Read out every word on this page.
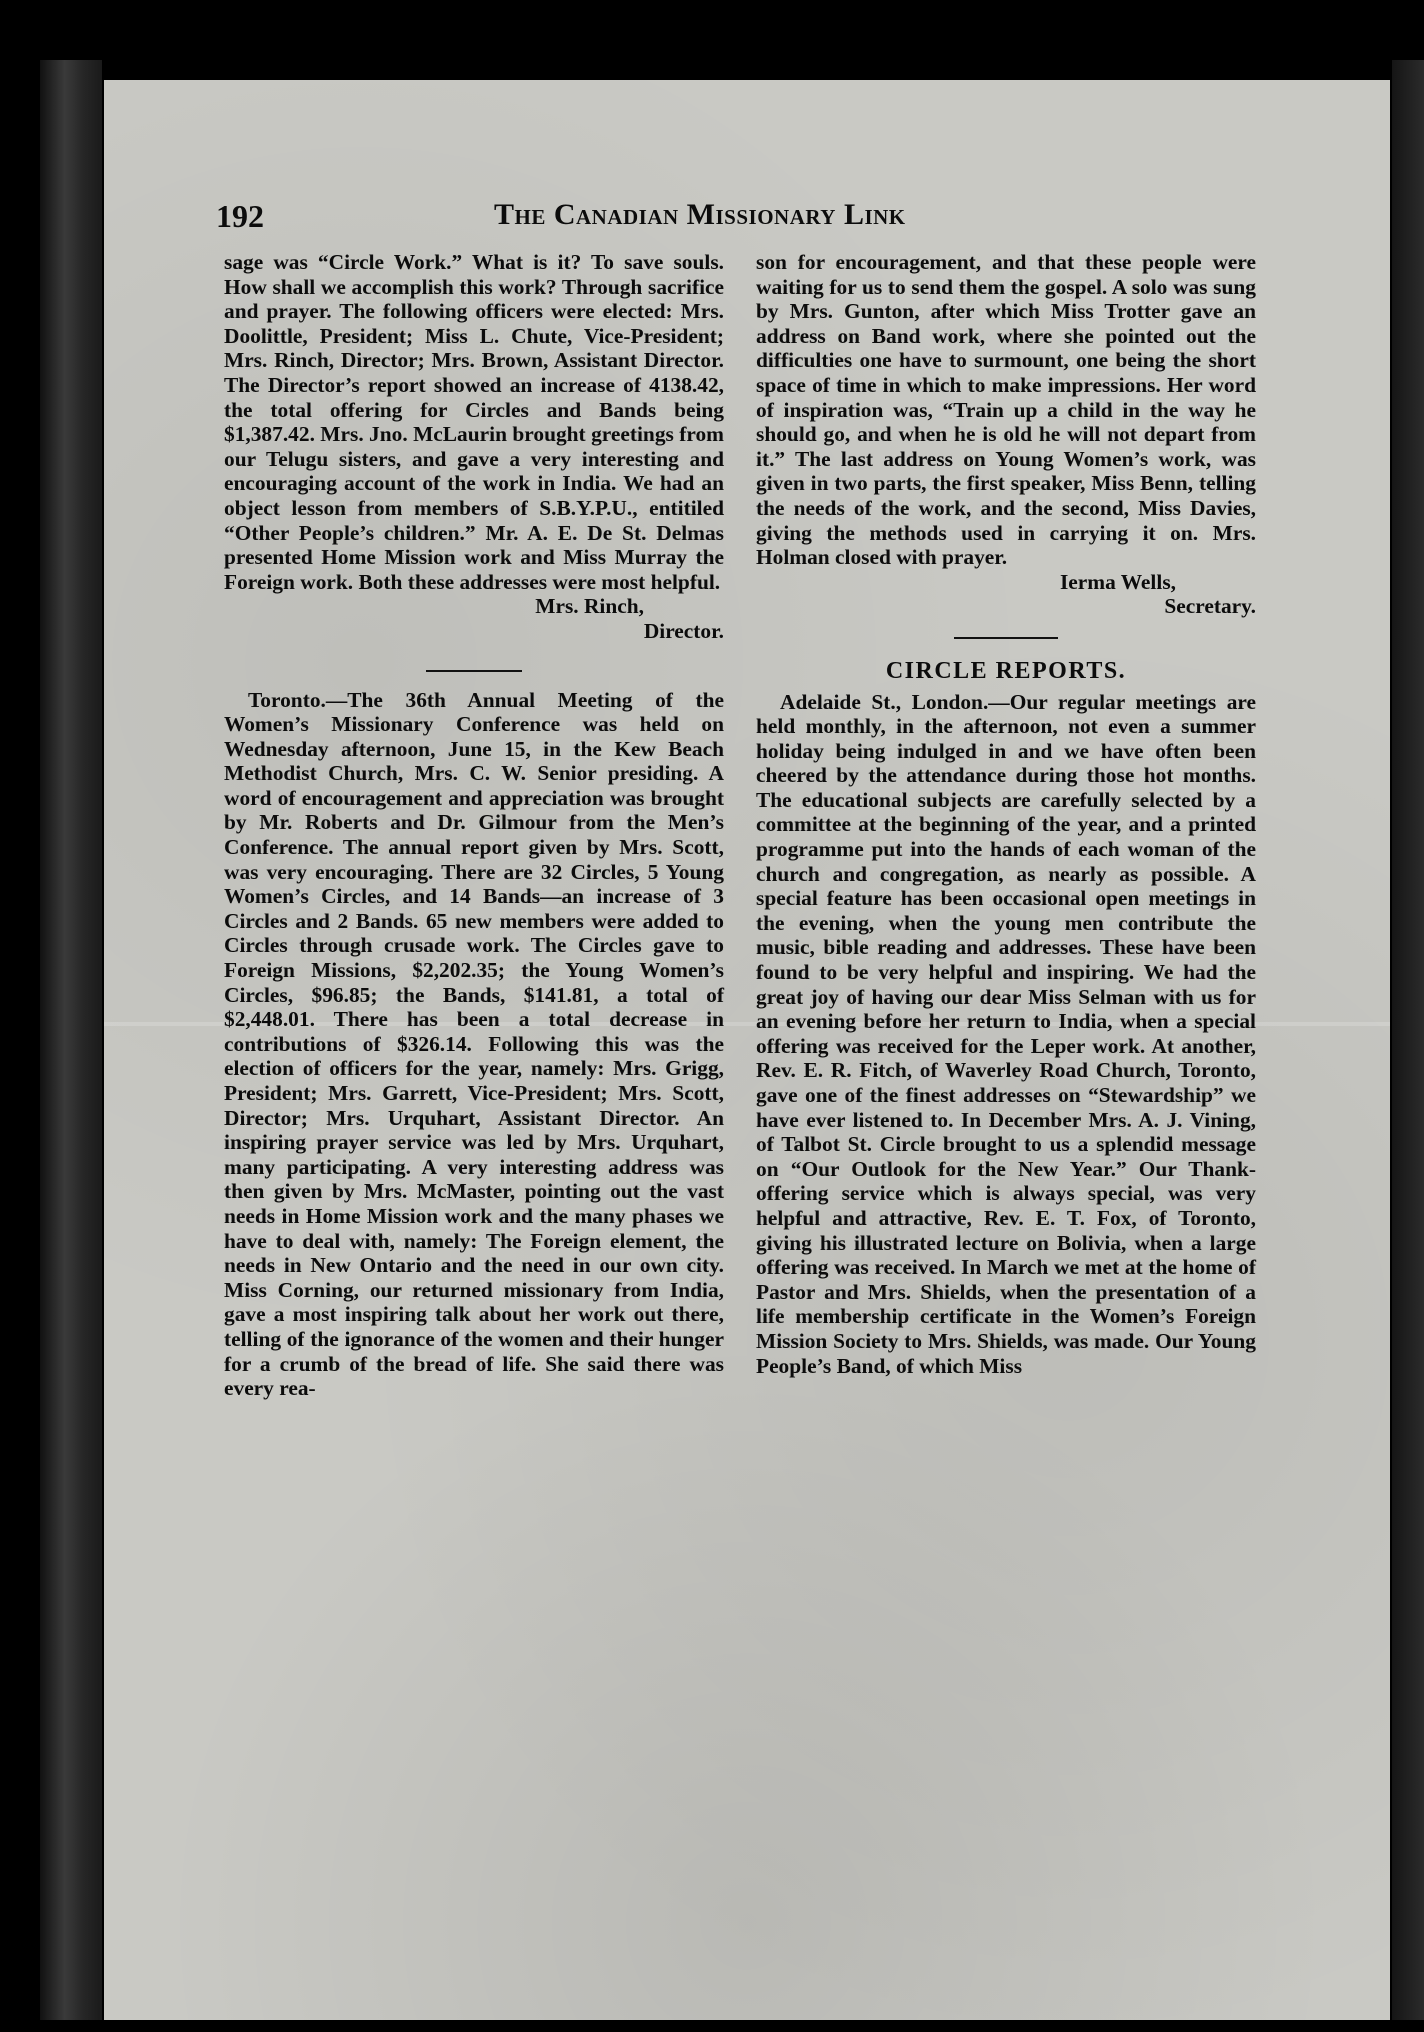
192	The Canadian Missionary Link

sage was “Circle Work.” What is it? To save souls. How shall we accomplish this work? Through sacrifice and prayer. The following officers were elected: Mrs. Doolittle, President; Miss L. Chute, Vice-President; Mrs. Rinch, Director; Mrs. Brown, Assistant Director. The Director’s report showed an increase of 4138.42, the total offering for Circles and Bands being $1,387.42. Mrs. Jno. McLaurin brought greetings from our Telugu sisters, and gave a very interesting and encouraging account of the work in India. We had an object lesson from members of S.B.Y.P.U., entitiled “Other People’s children.” Mr. A. E. De St. Delmas presented Home Mission work and Miss Murray the Foreign work. Both these addresses were most helpful.

Mrs. Rinch,

Director.

Toronto.—The 36th Annual Meeting of the Women’s Missionary Conference was held on Wednesday afternoon, June 15, in the Kew Beach Methodist Church, Mrs. C. W. Senior presiding. A word of encouragement and appreciation was brought by Mr. Roberts and Dr. Gilmour from the Men’s Conference. The annual report given by Mrs. Scott, was very encouraging. There are 32 Circles, 5 Young Women’s Circles, and 14 Bands—an increase of 3 Circles and 2 Bands. 65 new members were added to Circles through crusade work. The Circles gave to Foreign Missions, $2,202.35; the Young Women’s Circles, $96.85; the Bands, $141.81, a total of $2,448.01. There has been a total decrease in contributions of $326.14. Following this was the election of officers for the year, namely: Mrs. Grigg, President; Mrs. Garrett, Vice-President; Mrs. Scott, Director; Mrs. Urquhart, Assistant Director. An inspiring prayer service was led by Mrs. Urquhart, many participating. A very interesting address was then given by Mrs. McMaster, pointing out the vast needs in Home Mission work and the many phases we have to deal with, namely: The Foreign element, the needs in New Ontario and the need in our own city. Miss Corning, our returned missionary from India, gave a most inspiring talk about her work out there, telling of the ignorance of the women and their hunger for a crumb of the bread of life. She said there was every rea-

son for encouragement, and that these people were waiting for us to send them the gospel. A solo was sung by Mrs. Gunton, after which Miss Trotter gave an address on Band work, where she pointed out the difficulties one have to surmount, one being the short space of time in which to make impressions. Her word of inspiration was, “Train up a child in the way he should go, and when he is old he will not depart from it.” The last address on Young Women’s work, was given in two parts, the first speaker, Miss Benn, telling the needs of the work, and the second, Miss Davies, giving the methods used in carrying it on. Mrs. Holman closed with prayer.

Ierma Wells,

Secretary.

CIRCLE REPORTS.

Adelaide St., London.—Our regular meetings are held monthly, in the afternoon, not even a summer holiday being indulged in and we have often been cheered by the attendance during those hot months. The educational subjects are carefully selected by a committee at the beginning of the year, and a printed programme put into the hands of each woman of the church and congregation, as nearly as possible. A special feature has been occasional open meetings in the evening, when the young men contribute the music, bible reading and addresses. These have been found to be very helpful and inspiring. We had the great joy of having our dear Miss Selman with us for an evening before her return to India, when a special offering was received for the Leper work. At another, Rev. E. R. Fitch, of Waverley Road Church, Toronto, gave one of the finest addresses on “Stewardship” we have ever listened to. In December Mrs. A. J. Vining, of Talbot St. Circle brought to us a splendid message on “Our Outlook for the New Year.” Our Thank-offering service which is always special, was very helpful and attractive, Rev. E. T. Fox, of Toronto, giving his illustrated lecture on Bolivia, when a large offering was received. In March we met at the home of Pastor and Mrs. Shields, when the presentation of a life membership certificate in the Women’s Foreign Mission Society to Mrs. Shields, was made. Our Young People’s Band, of which Miss
